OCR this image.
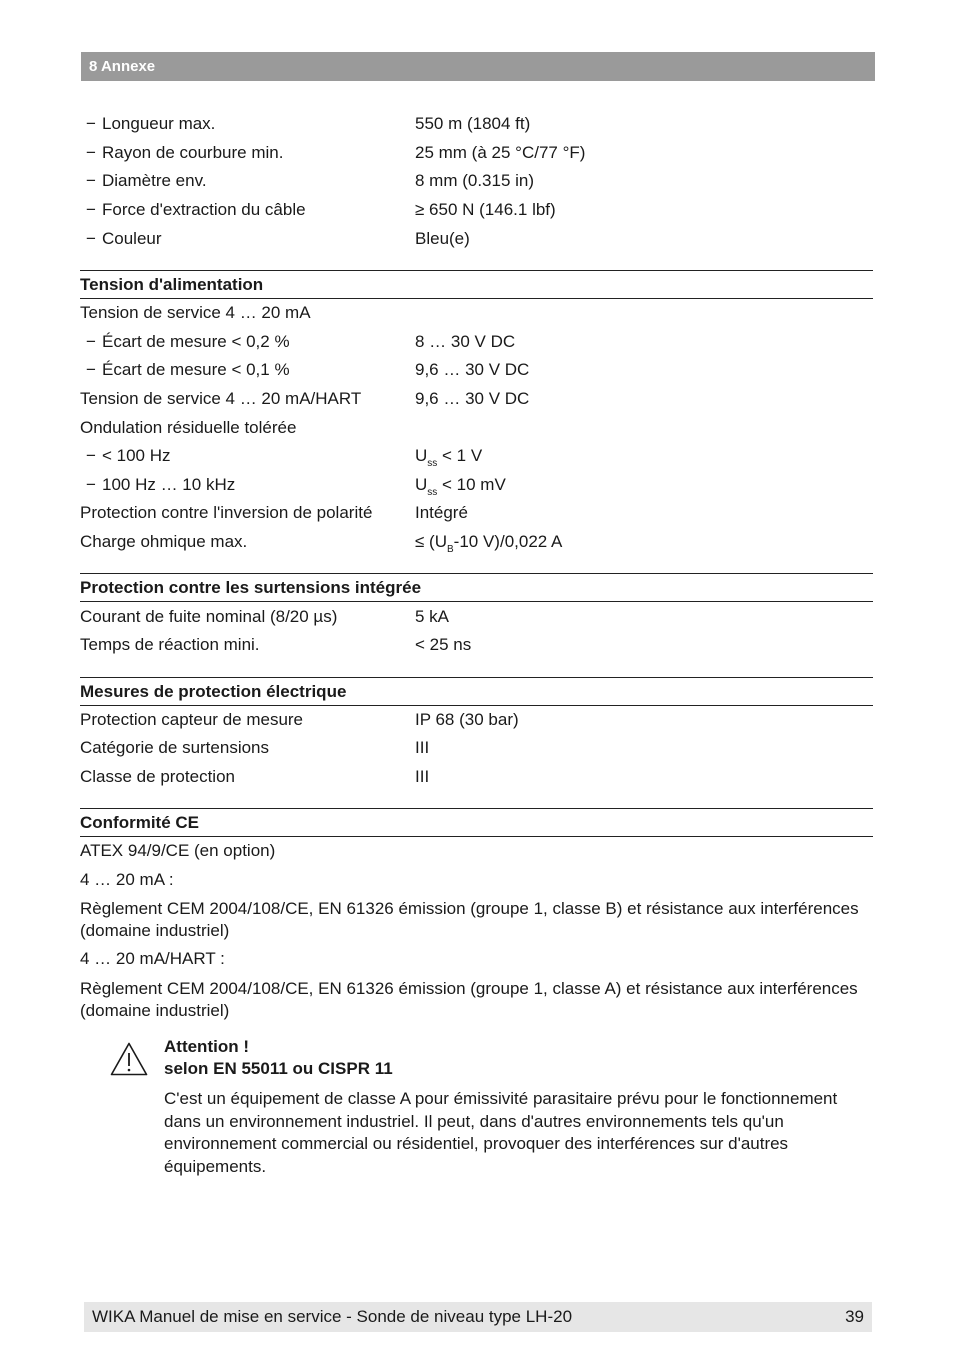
8 Annexe
− Longueur max.	550 m (1804 ft)
− Rayon de courbure min.	25 mm (à 25 °C/77 °F)
− Diamètre env.	8 mm (0.315 in)
− Force d'extraction du câble	≥ 650 N (146.1 lbf)
− Couleur	Bleu(e)
Tension d'alimentation
Tension de service 4 … 20 mA
− Écart de mesure < 0,2 %	8 … 30 V DC
− Écart de mesure < 0,1 %	9,6 … 30 V DC
Tension de service 4 … 20 mA/HART	9,6 … 30 V DC
Ondulation résiduelle tolérée
− < 100 Hz	$U_{ss} < 1$ V
− 100 Hz … 10 kHz	$U_{ss} < 10$ mV
Protection contre l'inversion de polarité	Intégré
Charge ohmique max.	≤ ($U_B-10$ V)/0,022 A
Protection contre les surtensions intégrée
Courant de fuite nominal (8/20 µs)	5 kA
Temps de réaction mini.	< 25 ns
Mesures de protection électrique
Protection capteur de mesure	IP 68 (30 bar)
Catégorie de surtensions	III
Classe de protection	III
Conformité CE
ATEX 94/9/CE (en option)
4 … 20 mA :
Règlement CEM 2004/108/CE, EN 61326 émission (groupe 1, classe B) et résistance aux interférences (domaine industriel)
4 … 20 mA/HART :
Règlement CEM 2004/108/CE, EN 61326 émission (groupe 1, classe A) et résistance aux interférences (domaine industriel)
Attention !
selon EN 55011 ou CISPR 11
C'est un équipement de classe A pour émissivité parasitaire prévu pour le fonctionnement dans un environnement industriel. Il peut, dans d'autres environnements tels qu'un environnement commercial ou résidentiel, provoquer des interférences sur d'autres équipements.
WIKA Manuel de mise en service - Sonde de niveau type LH-20	39
